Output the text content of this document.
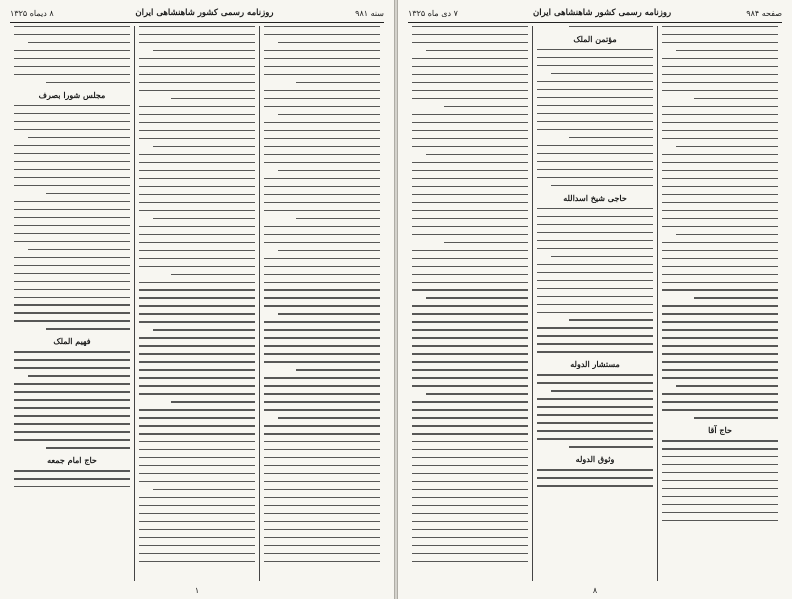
سنه ۹۸۱
روزنامه رسمی کشور شاهنشاهی ایران
۸ دیماه ۱۳۲۵
مجلس شورا بصرف
فهیم الملک
حاج امام جمعه
۱
صفحه ۹۸۴
روزنامه رسمی کشور شاهنشاهی ایران
۷ دی ماه ۱۳۲۵
حاج آقا
مؤتمن الملک
حاجی شیخ اسدالله
مستشار الدوله
وثوق الدوله
۸
